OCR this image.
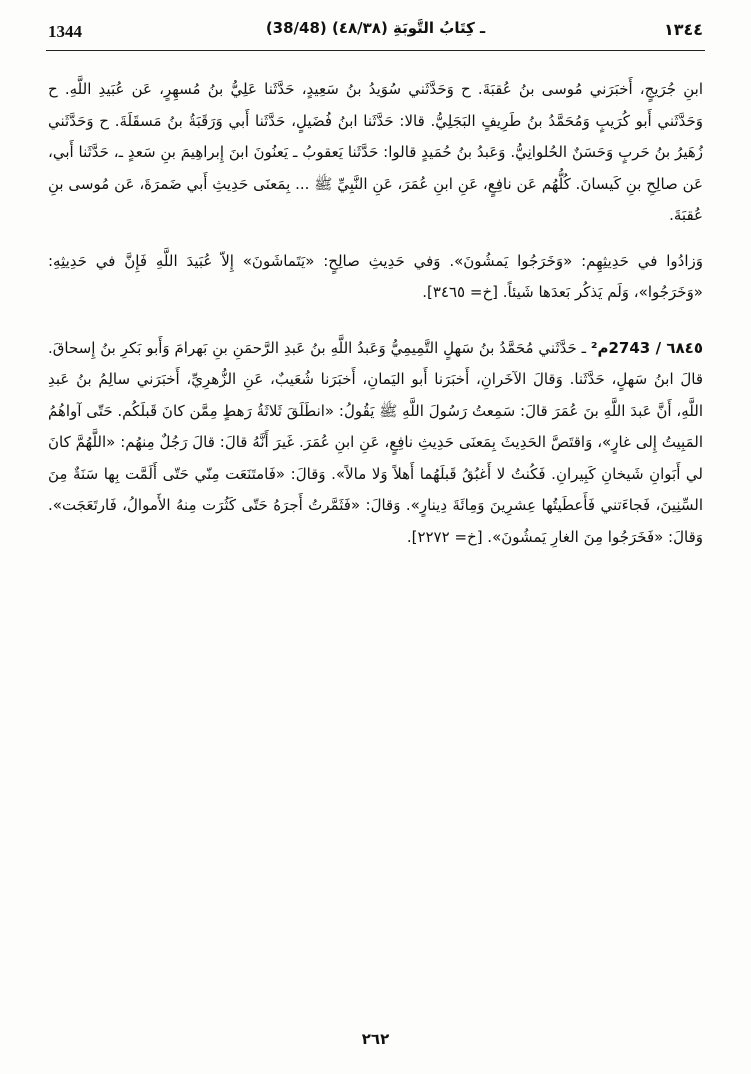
1344	(38/48) ـ كِتَابُ التَّوبَةِ (٤٨/٣٨)	١٣٤٤

ابنِ جُرَيجٍ، أَخبَرَني مُوسى بنُ عُقبَةَ. ح وَحَدَّثَني سُوَيدُ بنُ سَعِيدٍ، حَدَّثَنا عَلِيُّ بنُ مُسهِرٍ، عَن عُبَيدِ اللَّهِ. ح وَحَدَّثَني أَبو كُرَيبٍ وَمُحَمَّدُ بنُ طَرِيفٍ البَجَلِيُّ. قالا: حَدَّثَنا ابنُ فُضَيلٍ، حَدَّثَنا أَبي وَرَقَبَةُ بنُ مَسقَلَةَ. ح وَحَدَّثَني زُهَيرُ بنُ حَربٍ وَحَسَنٌ الحُلوانِيُّ. وَعَبدُ بنُ حُمَيدٍ قالوا: حَدَّثَنا يَعقوبُ ـ يَعنُونَ ابنَ إِبراهِيمَ بنِ سَعدٍ ـ، حَدَّثَنا أَبي، عَن صالِحِ بنِ كَيسانَ. كُلُّهُم عَن نافِعٍ، عَنِ ابنِ عُمَرَ، عَنِ النَّبِيِّ ﷺ ... بِمَعنَى حَدِيثِ أَبي ضَمرَةَ، عَن مُوسى بنِ عُقبَةَ.

وَزادُوا في حَدِيثِهِم: «وَخَرَجُوا يَمشُونَ». وَفي حَدِيثِ صالِحٍ: «يَتَماشَونَ» إِلاّ عُبَيدَ اللَّهِ فَإِنَّ في حَدِيثِهِ: «وَخَرَجُوا»، وَلَم يَذكُر بَعدَها شَيئاً. [خ= ٣٤٦٥].

٦٨٤٥ / 2743م² ـ حَدَّثَني مُحَمَّدُ بنُ سَهلٍ التَّمِيمِيُّ وَعَبدُ اللَّهِ بنُ عَبدِ الرَّحمَنِ بنِ بَهرامَ وَأَبو بَكرِ بنُ إِسحاقَ. قالَ ابنُ سَهلٍ، حَدَّثَنا. وَقالَ الآخَرانِ، أَخبَرَنا أَبو اليَمانِ، أَخبَرَنا شُعَيبٌ، عَنِ الزُّهرِيِّ، أَخبَرَني سالِمُ بنُ عَبدِ اللَّهِ، أَنَّ عَبدَ اللَّهِ بنَ عُمَرَ قالَ: سَمِعتُ رَسُولَ اللَّهِ ﷺ يَقُولُ: «انطَلَقَ ثَلاثَةُ رَهطٍ مِمَّن كانَ قَبلَكُم. حَتّى آواهُمُ المَبِيتُ إِلى غارٍ»، وَاقتَصَّ الحَدِيثَ بِمَعنَى حَدِيثِ نافِعٍ، عَنِ ابنِ عُمَرَ. غَيرَ أَنَّهُ قالَ: قالَ رَجُلٌ مِنهُم: «اللَّهُمَّ كانَ لي أَبَوانِ شَيخانِ كَبِيرانِ. فَكُنتُ لا أَغبُقُ قَبلَهُما أَهلاً وَلا مالاً». وَقالَ: «فَامتَنَعَت مِنّي حَتّى أَلَمَّت بِها سَنَةٌ مِنَ السِّنِينَ، فَجاءَتني فَأَعطَيتُها عِشرِينَ وَمِائَةَ دِينارٍ». وَقالَ: «فَثَمَّرتُ أَجرَهُ حَتّى كَثُرَت مِنهُ الأَموالُ، فَارتَعَجَت». وَقالَ: «فَخَرَجُوا مِنَ الغارِ يَمشُونَ». [خ= ٢٢٧٢].

٢٦٢
